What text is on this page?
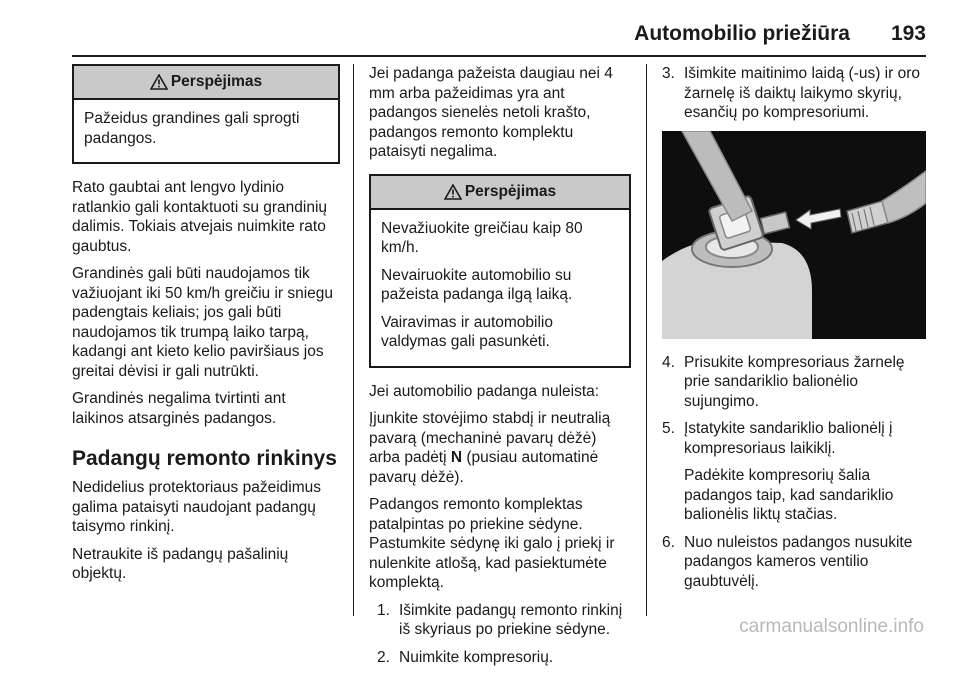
Automobilio priežiūra 193
Perspėjimas

Pažeidus grandines gali sprogti padangos.

Rato gaubtai ant lengvo lydinio ratlankio gali kontaktuoti su grandinių dalimis. Tokiais atvejais nuimkite rato gaubtus.

Grandinės gali būti naudojamos tik važiuojant iki 50 km/h greičiu ir sniegu padengtais keliais; jos gali būti naudojamos tik trumpą laiko tarpą, kadangi ant kieto kelio paviršiaus jos greitai dėvisi ir gali nutrūkti.

Grandinės negalima tvirtinti ant laikinos atsarginės padangos.

Padangų remonto rinkinys

Nedidelius protektoriaus pažeidimus galima pataisyti naudojant padangų taisymo rinkinį.

Netraukite iš padangų pašalinių objektų.

Jei padanga pažeista daugiau nei 4 mm arba pažeidimas yra ant padangos sienelės netoli krašto, padangos remonto komplektu pataisyti negalima.

Perspėjimas

Nevažiuokite greičiau kaip 80 km/h.

Nevairuokite automobilio su pažeista padanga ilgą laiką.

Vairavimas ir automobilio valdymas gali pasunkėti.

Jei automobilio padanga nuleista:

Įjunkite stovėjimo stabdį ir neutralią pavarą (mechaninė pavarų dėžė) arba padėtį N (pusiau automatinė pavarų dėžė).

Padangos remonto komplektas patalpintas po priekine sėdyne. Pastumkite sėdynę iki galo į priekį ir nulenkite atlošą, kad pasiektumėte komplektą.

1. Išimkite padangų remonto rinkinį iš skyriaus po priekine sėdyne.
2. Nuimkite kompresorių.
3. Išimkite maitinimo laidą (-us) ir oro žarnelę iš daiktų laikymo skyrių, esančių po kompresoriumi.
4. Prisukite kompresoriaus žarnelę prie sandariklio balionėlio sujungimo.
5. Įstatykite sandariklio balionėlį į kompresoriaus laikiklį.

Padėkite kompresorių šalia padangos taip, kad sandariklio balionėlis liktų stačias.

6. Nuo nuleistos padangos nusukite padangos kameros ventilio gaubtuvėlį.
carmanualsonline.info
